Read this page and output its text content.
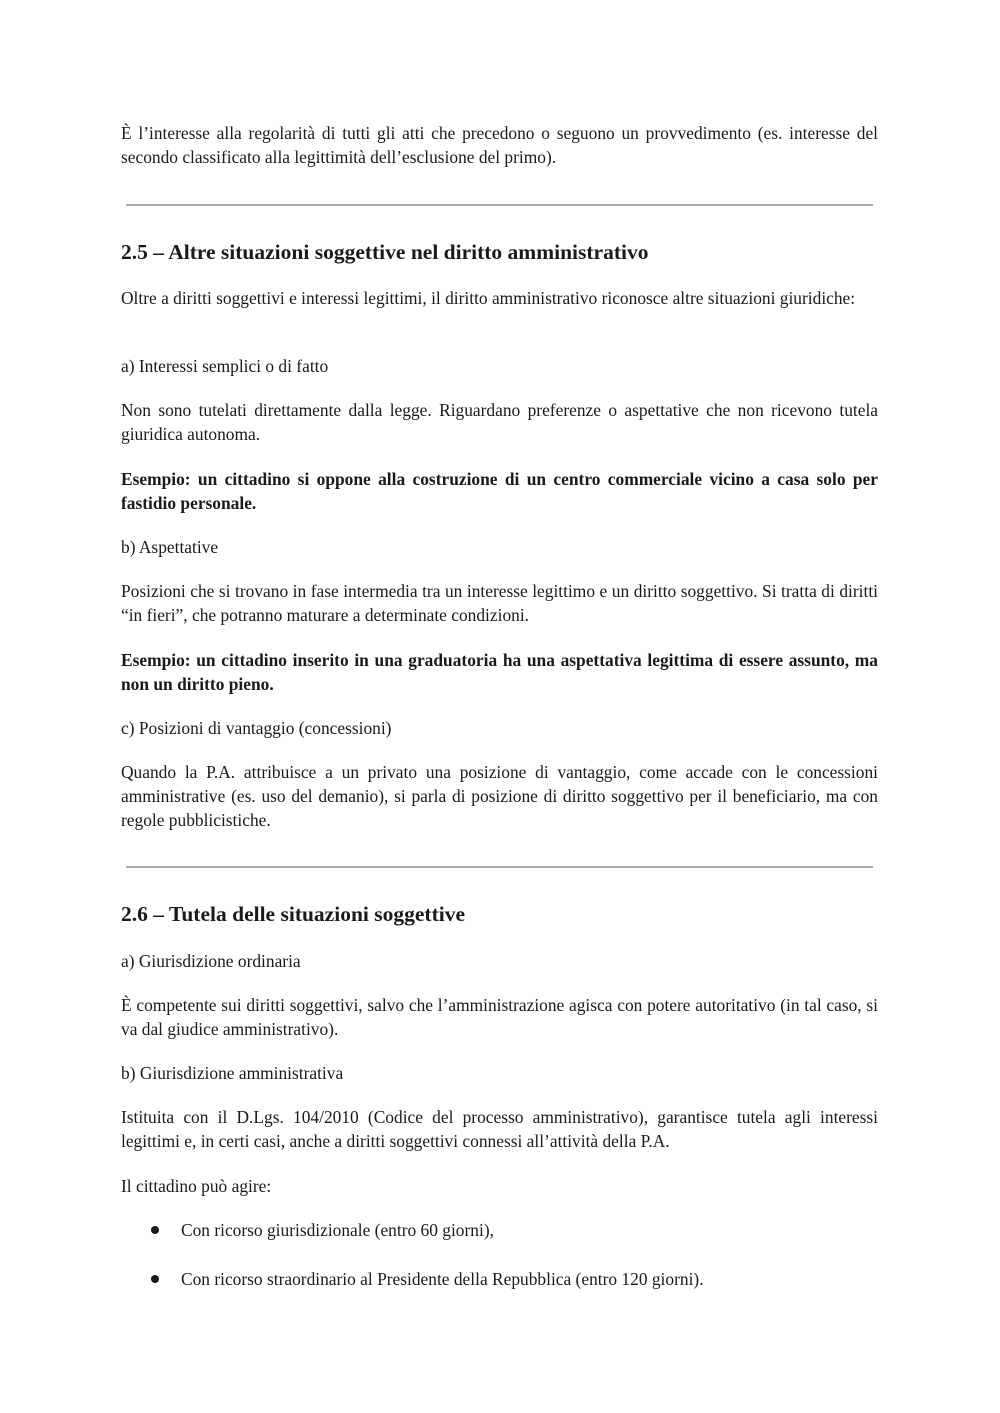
È l’interesse alla regolarità di tutti gli atti che precedono o seguono un provvedimento (es. interesse del secondo classificato alla legittimità dell’esclusione del primo).

2.5 – Altre situazioni soggettive nel diritto amministrativo

Oltre a diritti soggettivi e interessi legittimi, il diritto amministrativo riconosce altre situazioni giuridiche:

a) Interessi semplici o di fatto

Non sono tutelati direttamente dalla legge. Riguardano preferenze o aspettative che non ricevono tutela giuridica autonoma.

Esempio: un cittadino si oppone alla costruzione di un centro commerciale vicino a casa solo per fastidio personale.

b) Aspettative

Posizioni che si trovano in fase intermedia tra un interesse legittimo e un diritto soggettivo. Si tratta di diritti “in fieri”, che potranno maturare a determinate condizioni.

Esempio: un cittadino inserito in una graduatoria ha una aspettativa legittima di essere assunto, ma non un diritto pieno.

c) Posizioni di vantaggio (concessioni)

Quando la P.A. attribuisce a un privato una posizione di vantaggio, come accade con le concessioni amministrative (es. uso del demanio), si parla di posizione di diritto soggettivo per il beneficiario, ma con regole pubblicistiche.

2.6 – Tutela delle situazioni soggettive

a) Giurisdizione ordinaria

È competente sui diritti soggettivi, salvo che l’amministrazione agisca con potere autoritativo (in tal caso, si va dal giudice amministrativo).

b) Giurisdizione amministrativa

Istituita con il D.Lgs. 104/2010 (Codice del processo amministrativo), garantisce tutela agli interessi legittimi e, in certi casi, anche a diritti soggettivi connessi all’attività della P.A.

Il cittadino può agire:

Con ricorso giurisdizionale (entro 60 giorni),

Con ricorso straordinario al Presidente della Repubblica (entro 120 giorni).
